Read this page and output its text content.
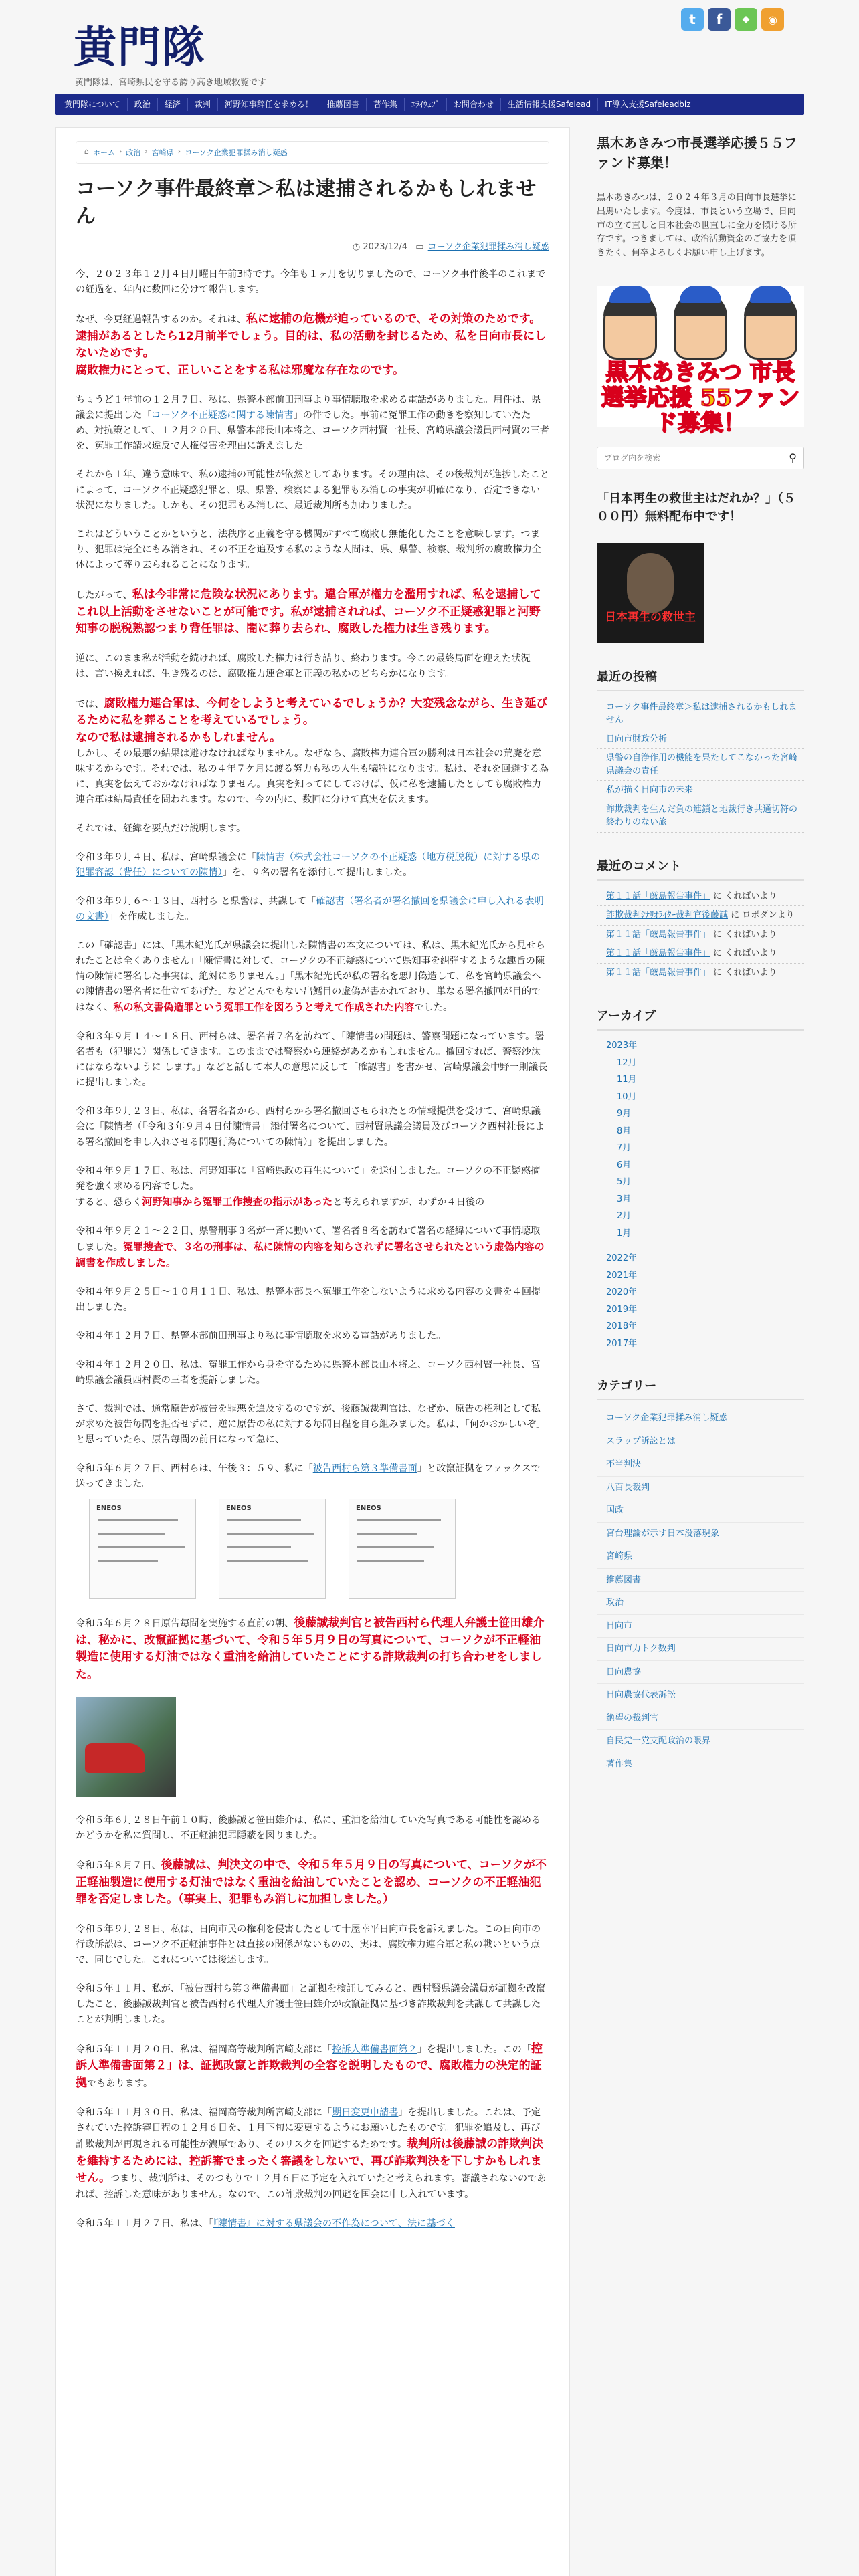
黄門隊
黄門隊は、宮崎県民を守る誇り高き地域救覧です
t	f	◆	◉
黄門隊について	政治	経済	裁判	河野知事辞任を求める！	推薦図書	著作集	ｴﾗｲｳｪﾌﾞ	お問合わせ	生活情報支援Safelead	IT導入支援Safeleadbiz
⌂ ホーム › 政治 › 宮崎県 › コーソク企業犯罪揉み消し疑惑
コーソク事件最終章＞私は逮捕されるかもしれません
◷ 2023/12/4 ▭ コーソク企業犯罪揉み消し疑惑

今、２０２３年１２月４日月曜日午前3時です。今年も１ヶ月を切りましたので、コーソク事件後半のこれまでの経過を、年内に数回に分けて報告します。

なぜ、今更経過報告するのか。それは、私に逮捕の危機が迫っているので、その対策のためです。逮捕があるとしたら12月前半でしょう。目的は、私の活動を封じるため、私を日向市長にしないためです。
腐敗権力にとって、正しいことをする私は邪魔な存在なのです。

ちょうど１年前の１２月７日、私に、県警本部前田刑事より事情聴取を求める電話がありました。用件は、県議会に提出した「コーソク不正疑惑に関する陳情書」の件でした。事前に冤罪工作の動きを察知していたため、対抗策として、１２月２０日、県警本部長山本将之、コーソク西村賢一社長、宮崎県議会議員西村賢の三者を、冤罪工作請求違反で人権侵害を理由に訴えました。

それから１年、違う意味で、私の逮捕の可能性が依然としてあります。その理由は、その後裁判が進捗したことによって、コーソク不正疑惑犯罪と、県、県警、検察による犯罪もみ消しの事実が明確になり、否定できない状況になりました。しかも、その犯罪もみ消しに、最近裁判所も加わりました。

これはどういうことかというと、法秩序と正義を守る機関がすべて腐敗し無能化したことを意味します。つまり、犯罪は完全にもみ消され、その不正を追及する私のような人間は、県、県警、検察、裁判所の腐敗権力全体によって葬り去られることになります。

したがって、私は今非常に危険な状況にあります。違合軍が権力を濫用すれば、私を逮捕してこれ以上活動をさせないことが可能です。私が逮捕されれば、コーソク不正疑惑犯罪と河野知事の脱税熟認つまり背任罪は、闇に葬り去られ、腐敗した権力は生き残ります。

逆に、このまま私が活動を続ければ、腐敗した権力は行き詰り、終わります。今この最終局面を迎えた状況は、言い換えれば、生き残るのは、腐敗権力連合軍と正義の私かのどちらかになります。

では、腐敗権力連合軍は、今何をしようと考えているでしょうか？大変残念ながら、生き延びるために私を葬ることを考えているでしょう。
なので私は逮捕されるかもしれません。
しかし、その最悪の結果は避けなければなりません。なぜなら、腐敗権力連合軍の勝利は日本社会の荒廃を意味するからです。それでは、私の４年７ケ月に渡る努力も私の人生も犠牲になります。私は、それを回避する為に、真実を伝えておかなければなりません。真実を知ってにしておけば、仮に私を逮捕したとしても腐敗権力連合軍は結局責任を問われます。なので、今の内に、数回に分けて真実を伝えます。

それでは、経緯を要点だけ説明します。

令和３年９月４日、私は、宮崎県議会に「陳情書（株式会社コーソクの不正疑惑（地方税脱税）に対する県の犯罪容認（背任）についての陳情）」を、９名の署名を添付して提出しました。

令和３年９月６～１３日、西村ら と県警は、共謀して「確認書（署名者が署名撤回を県議会に申し入れる表明の文書）」を作成しました。

この「確認書」には、「黒木紀光氏が県議会に提出した陳情書の本文については、私は、黒木紀光氏から見せられたことは全くありません」「陳情書に対して、コーソクの不正疑惑について県知事を糾弾するような趣旨の陳情の陳情に署名した事実は、絶対にありません。」「黒木紀光氏が私の署名を悪用偽造して、私を宮崎県議会への陳情書の署名者に仕立てあげた」などとんでもない出鱈目の虚偽が書かれており、単なる署名撤回が目的ではなく、私の私文書偽造罪という冤罪工作を図ろうと考えて作成された内容でした。

令和３年９月１４～１８日、西村らは、署名者７名を訪ねて、「陳情書の問題は、警察問題になっています。署名者も（犯罪に）関係してきます。このままでは警察から連絡があるかもしれません。撤回すれば、警察沙汰にはならないように します。」などと話して本人の意思に反して「確認書」を書かせ、宮崎県議会中野一則議長に提出しました。

令和３年９月２３日、私は、各署名者から、西村らから署名撤回させられたとの情報提供を受けて、宮崎県議会に「陳情者（「令和３年９月４日付陳情書」添付署名について、西村賢県議会議員及びコーソク西村社長による署名撤回を申し入れさせる問題行為についての陳情）」を提出しました。

令和４年９月１７日、私は、河野知事に「宮崎県政の再生について」を送付しました。コーソクの不正疑惑摘発を強く求める内容でした。
すると、恐らく河野知事から冤罪工作捜査の指示があったと考えられますが、わずか４日後の

令和４年９月２１～２２日、県警刑事３名が一斉に動いて、署名者８名を訪ねて署名の経緯について事情聴取しました。冤罪捜査で、３名の刑事は、私に陳情の内容を知らされずに署名させられたという虚偽内容の調書を作成しました。

令和４年９月２５日～１０月１１日、私は、県警本部長へ冤罪工作をしないように求める内容の文書を４回提出しました。

令和４年１２月７日、県警本部前田刑事より私に事情聴取を求める電話がありました。

令和４年１２月２０日、私は、冤罪工作から身を守るために県警本部長山本将之、コーソク西村賢一社長、宮崎県議会議員西村賢の三者を提訴しました。

さて、裁判では、通常原告が被告を罪悪を追及するのですが、後藤誠裁判官は、なぜか、原告の権利として私が求めた被告毎問を拒否せずに、逆に原告の私に対する毎問日程を自ら組みました。私は、「何かおかしいぞ」と思っていたら、原告毎問の前日になって急に、

令和５年６月２７日、西村らは、午後３：５９、私に「被告西村ら第３準備書面」と改竄証拠をファックスで送ってきました。

ENEOS	ENEOS	ENEOS

令和５年６月２８日原告毎問を実施する直前の朝、後藤誠裁判官と被告西村ら代理人弁護士笹田雄介は、秘かに、改竄証拠に基づいて、令和５年５月９日の写真について、コーソクが不正軽油製造に使用する灯油ではなく重油を給油していたことにする詐欺裁判の打ち合わせをしました。

令和５年６月２８日午前１０時、後藤誠と笹田雄介は、私に、重油を給油していた写真である可能性を認めるかどうかを私に質問し、不正軽油犯罪隠蔽を図りました。

令和５年８月７日、後藤誠は、判決文の中で、令和５年５月９日の写真について、コーソクが不正軽油製造に使用する灯油ではなく重油を給油していたことを認め、コーソクの不正軽油犯罪を否定しました。（事実上、犯罪もみ消しに加担しました。）

令和５年９月２８日、私は、日向市民の権利を侵害したとして十屋幸平日向市長を訴えました。この日向市の行政訴訟は、コーソク不正軽油事件とは直接の関係がないものの、実は、腐敗権力連合軍と私の戦いという点で、同じでした。これについては後述します。

令和５年１１月、私が、「被告西村ら第３準備書面」と証拠を検証してみると、西村賢県議会議員が証拠を改竄したこと、後藤誠裁判官と被告西村ら代理人弁護士笹田雄介が改竄証拠に基づき詐欺裁判を共謀して共謀したことが判明しました。

令和５年１１月２０日、私は、福岡高等裁判所宮崎支部に「控訴人準備書面第２」を提出しました。この「控訴人準備書面第２」は、証拠改竄と詐欺裁判の全容を説明したもので、腐敗権力の決定的証拠でもあります。

令和５年１１月３０日、私は、福岡高等裁判所宮崎支部に「期日変更申請書」を提出しました。これは、予定されていた控訴審日程の１２月６日を、１月下旬に変更するようにお願いしたものです。犯罪を追及し、再び詐欺裁判が再現される可能性が濃厚であり、そのリスクを回避するためです。裁判所は後藤誠の詐欺判決を維持するためには、控訴審でまったく審議をしないで、再び詐欺判決を下しすかもしれません。つまり、裁判所は、そのつもりで１２月６日に予定を入れていたと考えられます。審議されないのであれば、控訴した意味がありません。なので、この詐欺裁判の回避を国会に申し入れています。

令和５年１１月２７日、私は、「『陳情書』に対する県議会の不作為について、法に基づく

黒木あきみつ市長選挙応援５５ファンド募集！

黒木あきみつは、２０２４年３月の日向市長選挙に出馬いたします。今度は、市長という立場で、日向市の立て直しと日本社会の世直しに全力を傾ける所存です。つきましては、政治活動資金のご協力を頂きたく、何卒よろしくお願い申し上げます。

黒木あきみつ 市長選挙応援 55ファンド募集！
ブログ内を検索
⚲
「日本再生の救世主はだれか？」（５００円）無料配布中です！
日本再生の救世主
最近の投稿
コーソク事件最終章＞私は逮捕されるかもしれません
日向市財政分析
県警の自浄作用の機能を果たしてこなかった宮崎県議会の責任
私が描く日向市の未来
詐欺裁判を生んだ負の連鎖と地裁行き共通切符の終わりのない旅
最近のコメント
第１１話「厳島報告事件」 に くればいより
詐欺裁判ｼﾅﾘｵﾗｲﾀｰ裁判官後藤誠 に ロボダンより
第１１話「厳島報告事件」 に くればいより
第１１話「厳島報告事件」 に くればいより
第１１話「厳島報告事件」 に くればいより
アーカイブ
2023年
12月
11月
10月
9月
8月
7月
6月
5月
3月
2月
1月
2022年
2021年
2020年
2019年
2018年
2017年
カテゴリー
コーソク企業犯罪揉み消し疑惑
スラップ訴訟とは
不当判決
八百長裁判
国政
宮台理論が示す日本没落現象
宮崎県
推薦図書
政治
日向市
日向市力トク数判
日向農協
日向農協代表訴訟
絶望の裁判官
自民党一党支配政治の限界
著作集
